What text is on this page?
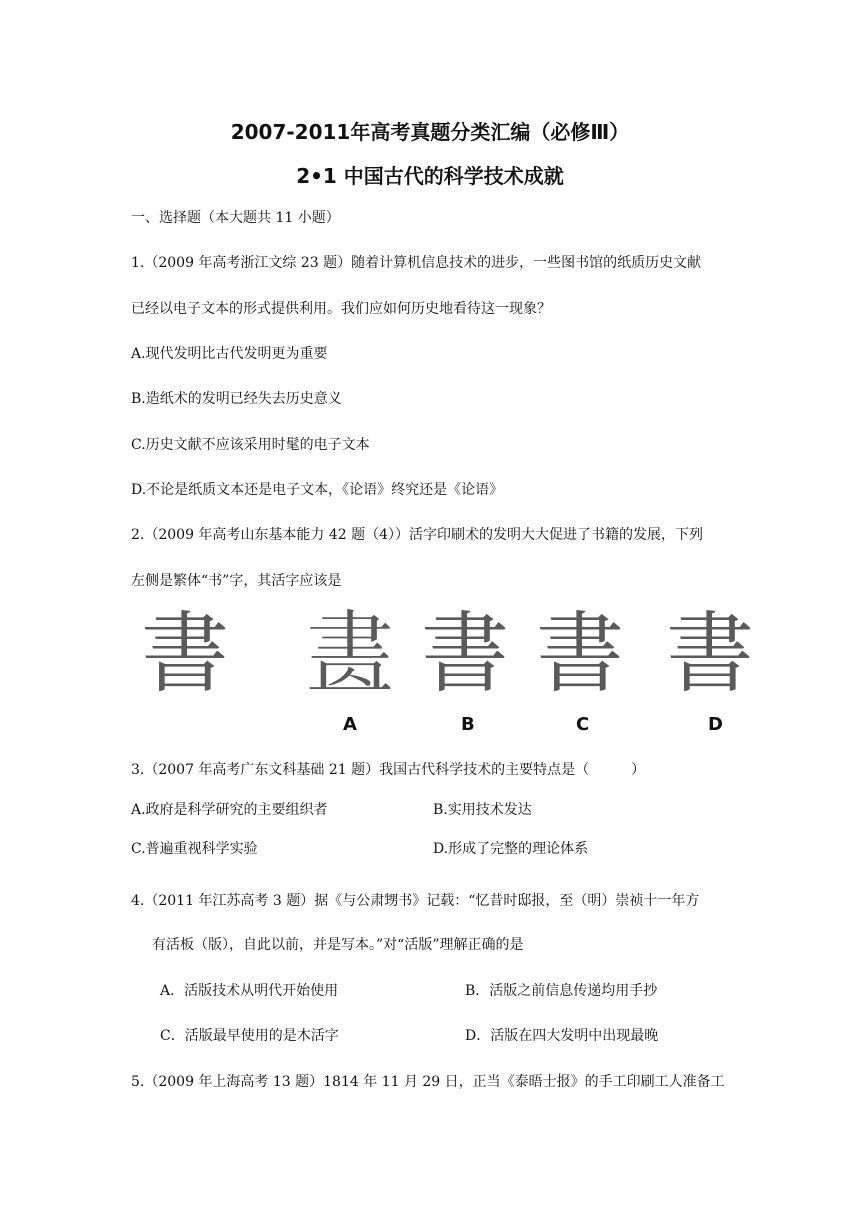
2007-2011年高考真题分类汇编（必修Ⅲ）
2•1 中国古代的科学技术成就
一、选择题（本大题共 11 小题）
1.（2009 年高考浙江文综 23 题）随着计算机信息技术的进步，一些图书馆的纸质历史文献
已经以电子文本的形式提供利用。我们应如何历史地看待这一现象？
A.现代发明比古代发明更为重要
B.造纸术的发明已经失去历史意义
C.历史文献不应该采用时髦的电子文本
D.不论是纸质文本还是电子文本，《论语》终究还是《论语》
2.（2009 年高考山东基本能力 42 题（4））活字印刷术的发明大大促进了书籍的发展，下列
左侧是繁体“书”字，其活字应该是
書 𦘕 書 書 書
A	B	C	D
3.（2007 年高考广东文科基础 21 题）我国古代科学技术的主要特点是（　　　）
A.政府是科学研究的主要组织者	B.实用技术发达
C.普遍重视科学实验	D.形成了完整的理论体系
4.（2011 年江苏高考 3 题）据《与公肃甥书》记载：“忆昔时邸报，至（明）崇祯十一年方
有活板（版），自此以前，并是写本。”对“活版”理解正确的是
A．活版技术从明代开始使用	B．活版之前信息传递均用手抄
C．活版最早使用的是木活字	D．活版在四大发明中出现最晚
5.（2009 年上海高考 13 题）1814 年 11 月 29 日，正当《泰晤士报》的手工印刷工人准备工
